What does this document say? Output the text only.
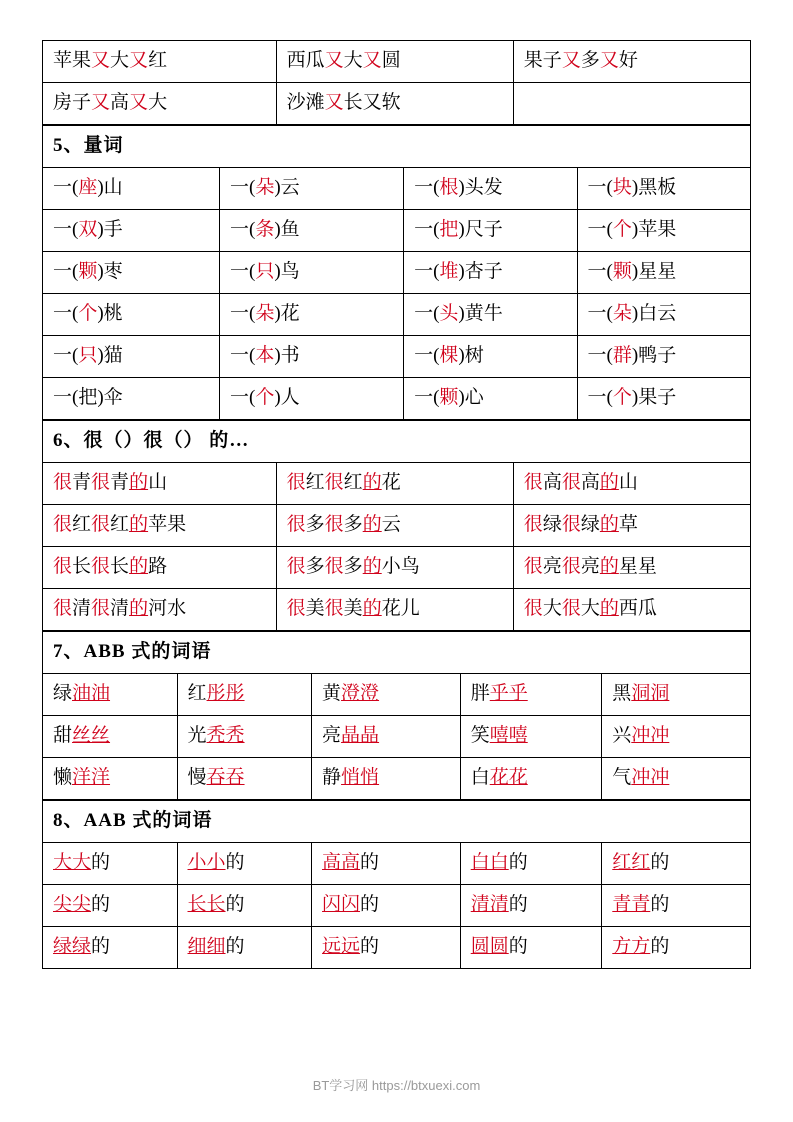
苹果又大又红	西瓜又大又圆	果子又多又好
房子又高又大	沙滩又长又软	
5、量词			
一(座)山	一(朵)云	一(根)头发	一(块)黑板
一(双)手	一(条)鱼	一(把)尺子	一(个)苹果
一(颗)枣	一(只)鸟	一(堆)杏子	一(颗)星星
一(个)桃	一(朵)花	一(头)黄牛	一(朵)白云
一(只)猫	一(本)书	一(棵)树	一(群)鸭子
一(把)伞	一(个)人	一(颗)心	一(个)果子
6、很（）很（） 的…		
很青很青的山	很红很红的花	很高很高的山
很红很红的苹果	很多很多的云	很绿很绿的草
很长很长的路	很多很多的小鸟	很亮很亮的星星
很清很清的河水	很美很美的花儿	很大很大的西瓜
7、ABB 式的词语				
绿油油	红彤彤	黄澄澄	胖乎乎	黑洞洞
甜丝丝	光秃秃	亮晶晶	笑嘻嘻	兴冲冲
懒洋洋	慢吞吞	静悄悄	白花花	气冲冲
8、AAB 式的词语				
大大的	小小的	高高的	白白的	红红的
尖尖的	长长的	闪闪的	清清的	青青的
绿绿的	细细的	远远的	圆圆的	方方的
BT学习网 https://btxuexi.com
